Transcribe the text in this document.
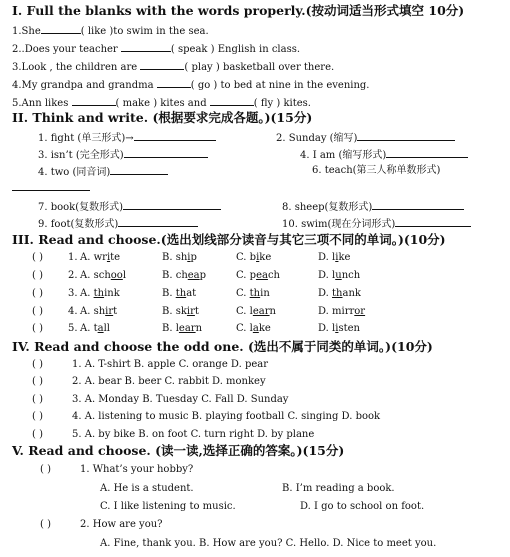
I. Full the blanks with the words properly.(按动词适当形式填空 10分)
1.She	( like )to swim in the sea.
2..Does your teacher	( speak ) English in class.
3.Look , the children are	( play ) basketball over there.
4.My grandpa and grandma	( go ) to bed at nine in the evening.
5.Ann likes	( make ) kites and	( fly ) kites.
II. Think and write. (根据要求完成各题。)(15分)
1. fight (单三形式)→	2. Sunday (缩写)
3. isn’t (完全形式)	4. I am (缩写形式)
4. two (同音词)	6. teach(第三人称单数形式)
7. book(复数形式)	8. sheep(复数形式)
9. foot(复数形式)	10. swim(现在分词形式)
III. Read and choose.(选出划线部分读音与其它三项不同的单词。)(10分)
( )	1. A. write	B. ship	C. bike	D. like
( )	2. A. school	B. cheap	C. peach	D. lunch
( )	3. A. think	B. that	C. thin	D. thank
( )	4. A. shirt	B. skirt	C. learn	D. mirror
( )	5. A. tall	B. learn	C. lake	D. listen
IV. Read and choose the odd one. (选出不属于同类的单词。)(10分)
( )	1. A. T-shirt B. apple C. orange D. pear
( )	2. A. bear B. beer C. rabbit D. monkey
( )	3. A. Monday B. Tuesday C. Fall D. Sunday
( )	4. A. listening to music B. playing football C. singing D. book
( )	5. A. by bike B. on foot C. turn right D. by plane
V. Read and choose. (读一读,选择正确的答案。)(15分)
( )	1. What’s your hobby?
A. He is a student.	B. I’m reading a book.
C. I like listening to music.	D. I go to school on foot.
( )	2. How are you?
A. Fine, thank you. B. How are you? C. Hello. D. Nice to meet you.
